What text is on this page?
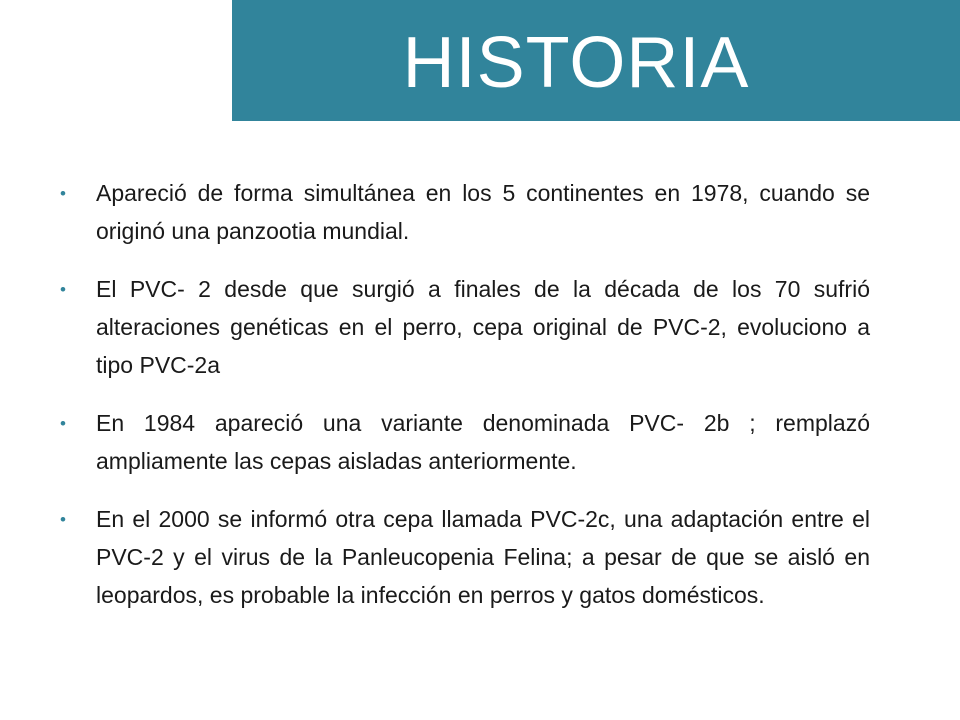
HISTORIA
•	Apareció de forma simultánea en los 5 continentes en 1978, cuando se originó una panzootia mundial.
•	El PVC- 2 desde que surgió a finales de la década de los 70 sufrió alteraciones genéticas en el perro, cepa original de PVC-2, evoluciono a tipo PVC-2a
•	En 1984 apareció una variante denominada PVC- 2b ; remplazó ampliamente las cepas aisladas anteriormente.
•	En el 2000 se informó otra cepa llamada PVC-2c, una adaptación entre el PVC-2 y el virus de la Panleucopenia Felina; a pesar de que se aisló en leopardos, es probable la infección en perros y gatos domésticos.
